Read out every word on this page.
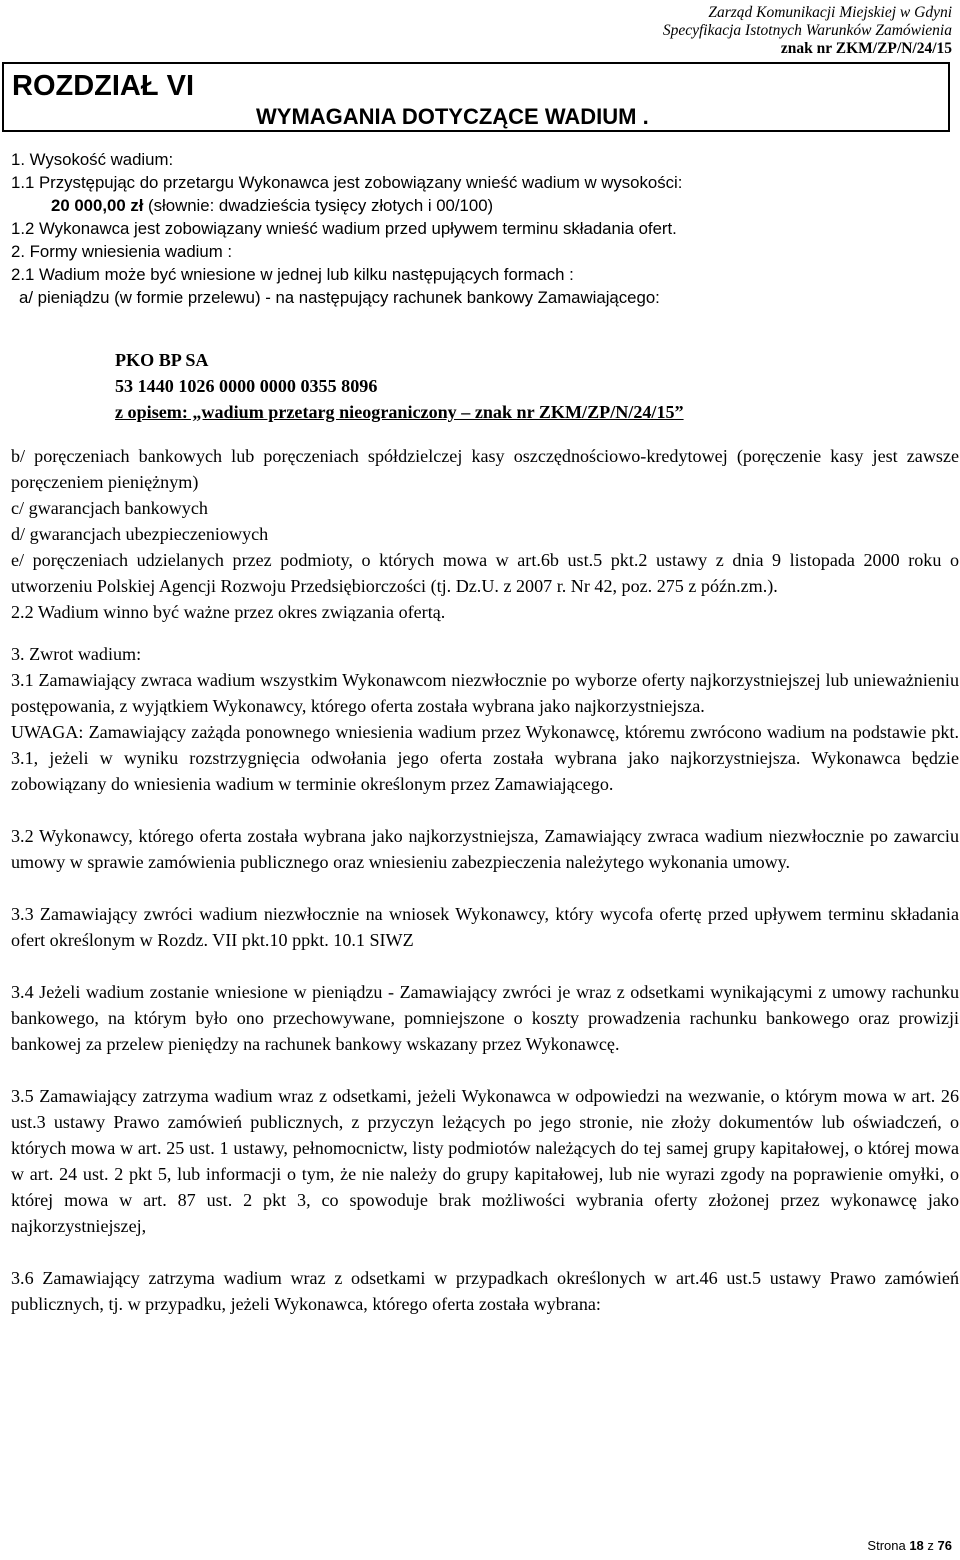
Zarząd Komunikacji Miejskiej w Gdyni
Specyfikacja Istotnych Warunków Zamówienia
znak nr ZKM/ZP/N/24/15
ROZDZIAŁ VI
WYMAGANIA DOTYCZĄCE WADIUM .

1. Wysokość wadium:

1.1 Przystępując do przetargu Wykonawca jest zobowiązany wnieść wadium w wysokości:

20 000,00 zł (słownie: dwadzieścia tysięcy złotych i 00/100)

1.2 Wykonawca jest zobowiązany wnieść wadium przed upływem terminu składania ofert.

2. Formy wniesienia wadium :

2.1 Wadium może być wniesione w jednej lub kilku następujących formach :

a/ pieniądzu (w formie przelewu) - na następujący rachunek bankowy Zamawiającego:

PKO BP SA

53 1440 1026 0000 0000 0355 8096

z opisem: „wadium przetarg nieograniczony – znak nr ZKM/ZP/N/24/15”

b/ poręczeniach bankowych lub poręczeniach spółdzielczej kasy oszczędnościowo-kredytowej (poręczenie kasy jest zawsze poręczeniem pieniężnym)

c/ gwarancjach bankowych

d/ gwarancjach ubezpieczeniowych

e/ poręczeniach udzielanych przez podmioty, o których mowa w art.6b ust.5 pkt.2 ustawy z dnia 9 listopada 2000 roku o utworzeniu Polskiej Agencji Rozwoju Przedsiębiorczości (tj. Dz.U. z 2007 r. Nr 42, poz. 275 z późn.zm.).

2.2 Wadium winno być ważne przez okres związania ofertą.

3. Zwrot wadium:

3.1 Zamawiający zwraca wadium wszystkim Wykonawcom niezwłocznie po wyborze oferty najkorzystniejszej lub unieważnieniu postępowania, z wyjątkiem Wykonawcy, którego oferta została wybrana jako najkorzystniejsza.

UWAGA: Zamawiający zażąda ponownego wniesienia wadium przez Wykonawcę, któremu zwrócono wadium na podstawie pkt. 3.1, jeżeli w wyniku rozstrzygnięcia odwołania jego oferta została wybrana jako najkorzystniejsza. Wykonawca będzie zobowiązany do wniesienia wadium w terminie określonym przez Zamawiającego.

3.2 Wykonawcy, którego oferta została wybrana jako najkorzystniejsza, Zamawiający zwraca wadium niezwłocznie po zawarciu umowy w sprawie zamówienia publicznego oraz wniesieniu zabezpieczenia należytego wykonania umowy.

3.3 Zamawiający zwróci wadium niezwłocznie na wniosek Wykonawcy, który wycofa ofertę przed upływem terminu składania ofert określonym w Rozdz. VII pkt.10 ppkt. 10.1 SIWZ

3.4 Jeżeli wadium zostanie wniesione w pieniądzu - Zamawiający zwróci je wraz z odsetkami wynikającymi z umowy rachunku bankowego, na którym było ono przechowywane, pomniejszone o koszty prowadzenia rachunku bankowego oraz prowizji bankowej za przelew pieniędzy na rachunek bankowy wskazany przez Wykonawcę.

3.5 Zamawiający zatrzyma wadium wraz z odsetkami, jeżeli Wykonawca w odpowiedzi na wezwanie, o którym mowa w art. 26 ust.3 ustawy Prawo zamówień publicznych, z przyczyn leżących po jego stronie, nie złoży dokumentów lub oświadczeń, o których mowa w art. 25 ust. 1 ustawy, pełnomocnictw, listy podmiotów należących do tej samej grupy kapitałowej, o której mowa w art. 24 ust. 2 pkt 5, lub informacji o tym, że nie należy do grupy kapitałowej, lub nie wyrazi zgody na poprawienie omyłki, o której mowa w art. 87 ust. 2 pkt 3, co spowoduje brak możliwości wybrania oferty złożonej przez wykonawcę jako najkorzystniejszej,

3.6 Zamawiający zatrzyma wadium wraz z odsetkami w przypadkach określonych w art.46 ust.5 ustawy Prawo zamówień publicznych, tj. w przypadku, jeżeli Wykonawca, którego oferta została wybrana:

Strona 18 z 76
